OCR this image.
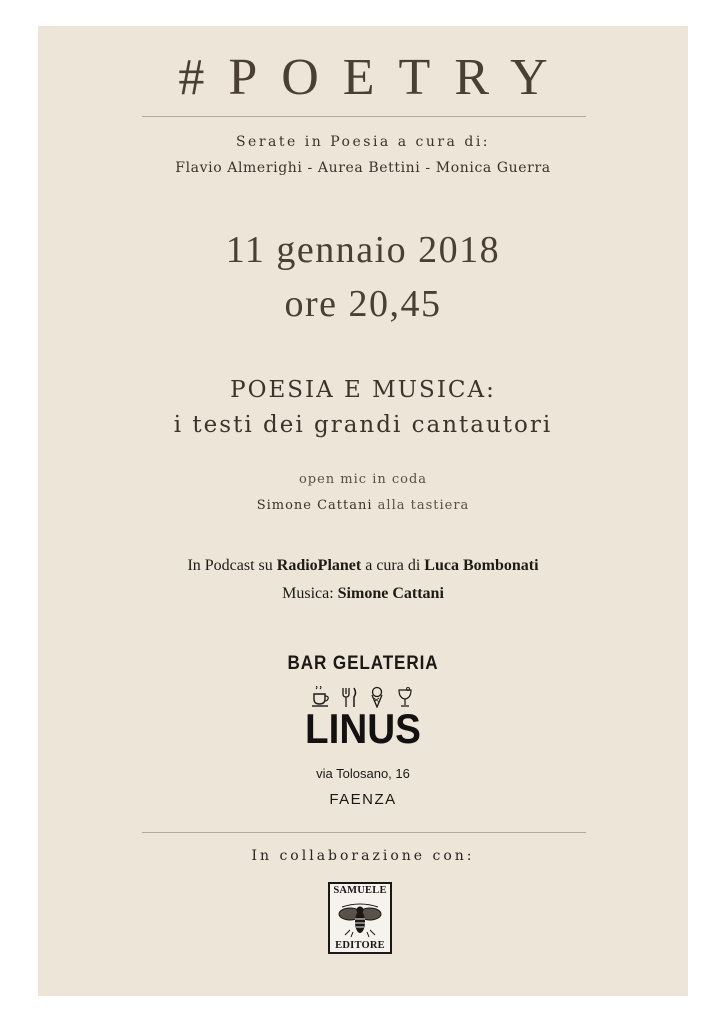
#POETRY
Serate in Poesia a cura di:
Flavio Almerighi - Aurea Bettini - Monica Guerra
11 gennaio 2018
ore 20,45
POESIA E MUSICA:
i testi dei grandi cantautori
open mic in coda
Simone Cattani alla tastiera
In Podcast su RadioPlanet a cura di Luca Bombonati
Musica: Simone Cattani
BAR GELATERIA
LINUS
via Tolosano, 16
FAENZA
In collaborazione con:
SAMUELE
EDITORE
